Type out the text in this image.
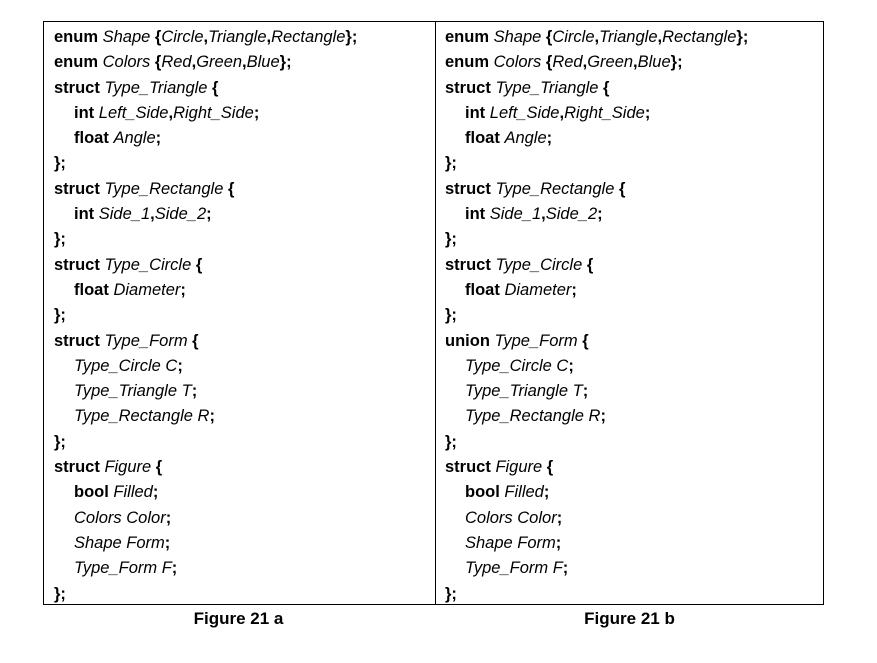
enum Shape {Circle,Triangle,Rectangle};
enum Colors {Red,Green,Blue};
struct Type_Triangle {
int Left_Side,Right_Side;
float Angle;
};
struct Type_Rectangle {
int Side_1,Side_2;
};
struct Type_Circle {
float Diameter;
};
struct Type_Form {
Type_Circle C;
Type_Triangle T;
Type_Rectangle R;
};
struct Figure {
bool Filled;
Colors Color;
Shape Form;
Type_Form F;
};
enum Shape {Circle,Triangle,Rectangle};
enum Colors {Red,Green,Blue};
struct Type_Triangle {
int Left_Side,Right_Side;
float Angle;
};
struct Type_Rectangle {
int Side_1,Side_2;
};
struct Type_Circle {
float Diameter;
};
union Type_Form {
Type_Circle C;
Type_Triangle T;
Type_Rectangle R;
};
struct Figure {
bool Filled;
Colors Color;
Shape Form;
Type_Form F;
};
Figure 21 a	Figure 21 b
